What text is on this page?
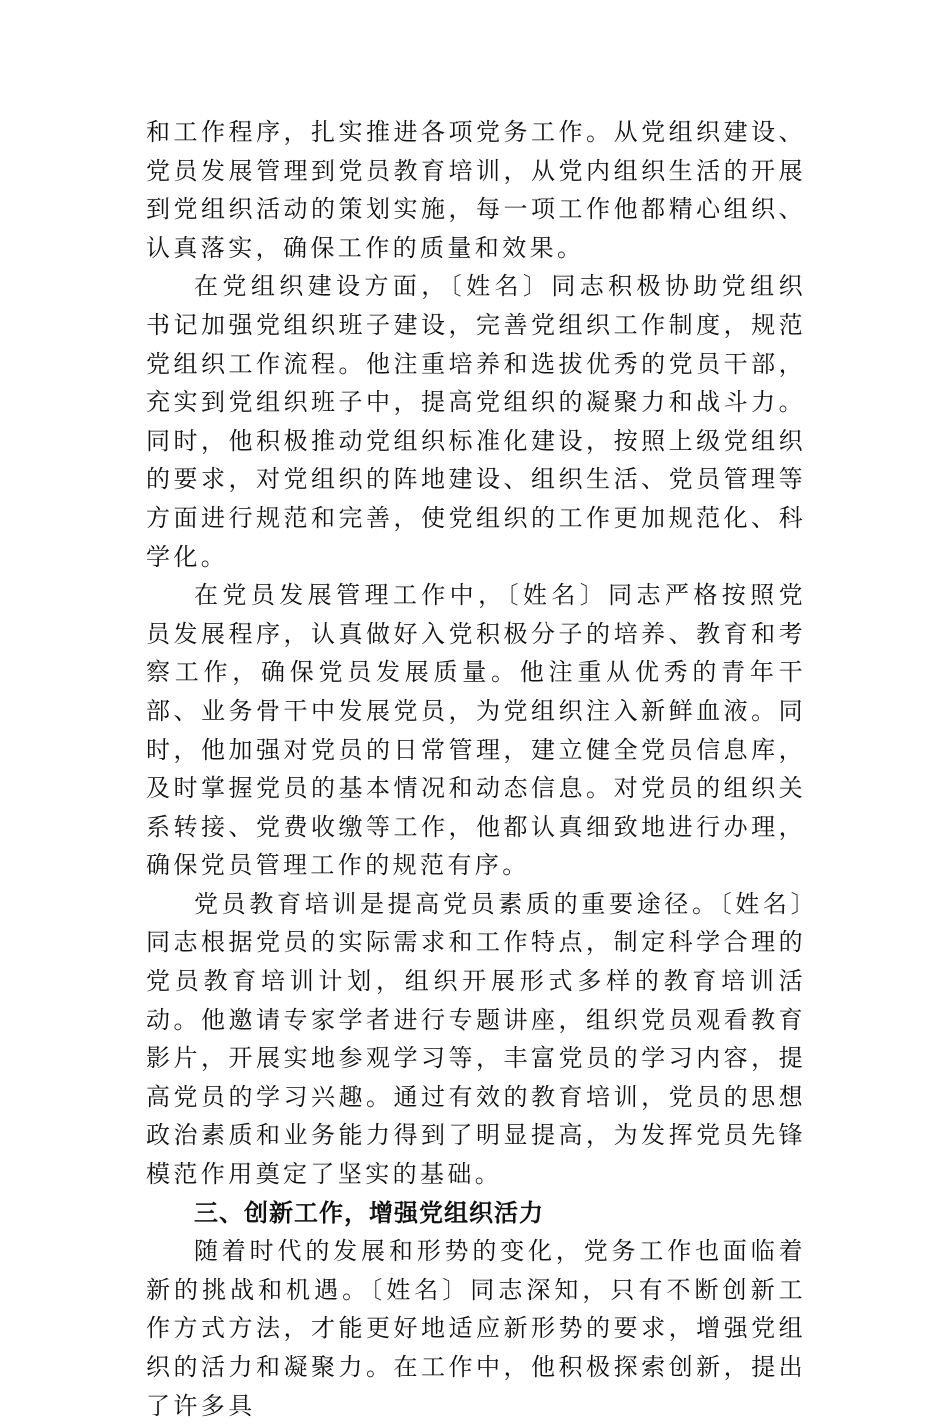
和工作程序，扎实推进各项党务工作。从党组织建设、党员发展管理到党员教育培训，从党内组织生活的开展到党组织活动的策划实施，每一项工作他都精心组织、认真落实，确保工作的质量和效果。

在党组织建设方面，〔姓名〕同志积极协助党组织书记加强党组织班子建设，完善党组织工作制度，规范党组织工作流程。他注重培养和选拔优秀的党员干部，充实到党组织班子中，提高党组织的凝聚力和战斗力。同时，他积极推动党组织标准化建设，按照上级党组织的要求，对党组织的阵地建设、组织生活、党员管理等方面进行规范和完善，使党组织的工作更加规范化、科学化。

在党员发展管理工作中，〔姓名〕同志严格按照党员发展程序，认真做好入党积极分子的培养、教育和考察工作，确保党员发展质量。他注重从优秀的青年干部、业务骨干中发展党员，为党组织注入新鲜血液。同时，他加强对党员的日常管理，建立健全党员信息库，及时掌握党员的基本情况和动态信息。对党员的组织关系转接、党费收缴等工作，他都认真细致地进行办理，确保党员管理工作的规范有序。

党员教育培训是提高党员素质的重要途径。〔姓名〕同志根据党员的实际需求和工作特点，制定科学合理的党员教育培训计划，组织开展形式多样的教育培训活动。他邀请专家学者进行专题讲座，组织党员观看教育影片，开展实地参观学习等，丰富党员的学习内容，提高党员的学习兴趣。通过有效的教育培训，党员的思想政治素质和业务能力得到了明显提高，为发挥党员先锋模范作用奠定了坚实的基础。

三、创新工作，增强党组织活力

随着时代的发展和形势的变化，党务工作也面临着新的挑战和机遇。〔姓名〕同志深知，只有不断创新工作方式方法，才能更好地适应新形势的要求，增强党组织的活力和凝聚力。在工作中，他积极探索创新，提出了许多具
